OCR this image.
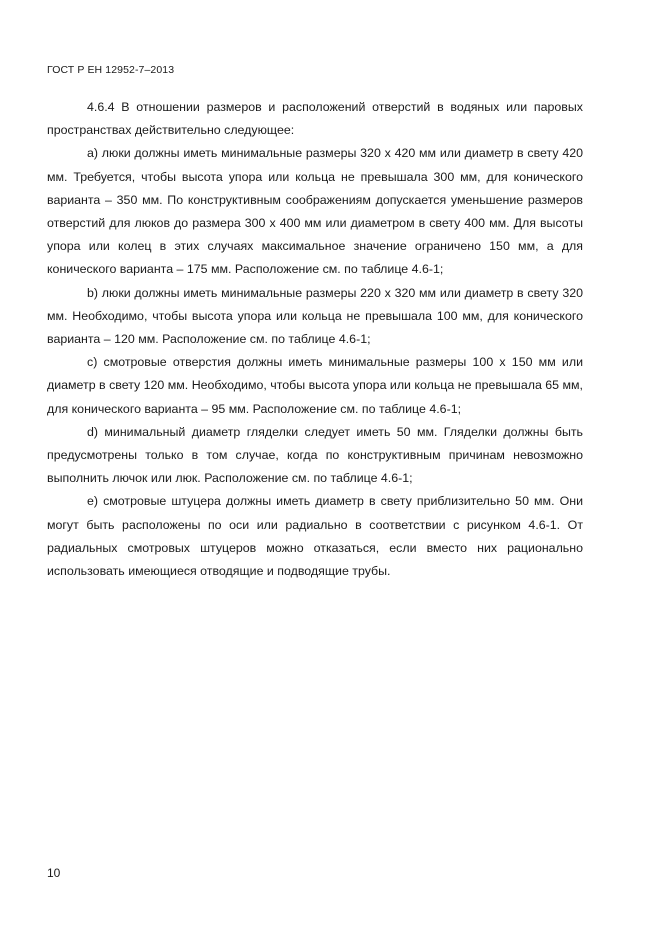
ГОСТ Р ЕН 12952-7–2013

4.6.4 В отношении размеров и расположений отверстий в водяных или паровых пространствах действительно следующее:

а) люки должны иметь минимальные размеры 320 х 420 мм или диаметр в свету 420 мм. Требуется, чтобы высота упора или кольца не превышала 300 мм, для конического варианта – 350 мм. По конструктивным соображениям допускается уменьшение размеров отверстий для люков до размера 300 х 400 мм или диаметром в свету 400 мм. Для высоты упора или колец в этих случаях максимальное значение ограничено 150 мм, а для конического варианта – 175 мм. Расположение см. по таблице 4.6-1;

b) люки должны иметь минимальные размеры 220 х 320 мм или диаметр в свету 320 мм. Необходимо, чтобы высота упора или кольца не превышала 100 мм, для конического варианта – 120 мм. Расположение см. по таблице 4.6-1;

c) смотровые отверстия должны иметь минимальные размеры 100 х 150 мм или диаметр в свету 120 мм. Необходимо, чтобы высота упора или кольца не превышала 65 мм, для конического варианта – 95 мм. Расположение см. по таблице 4.6-1;

d) минимальный диаметр гляделки следует иметь 50 мм. Гляделки должны быть предусмотрены только в том случае, когда по конструктивным причинам невозможно выполнить лючок или люк. Расположение см. по таблице 4.6-1;

e) смотровые штуцера должны иметь диаметр в свету приблизительно 50 мм. Они могут быть расположены по оси или радиально в соответствии с рисунком 4.6-1. От радиальных смотровых штуцеров можно отказаться, если вместо них рационально использовать имеющиеся отводящие и подводящие трубы.

10
